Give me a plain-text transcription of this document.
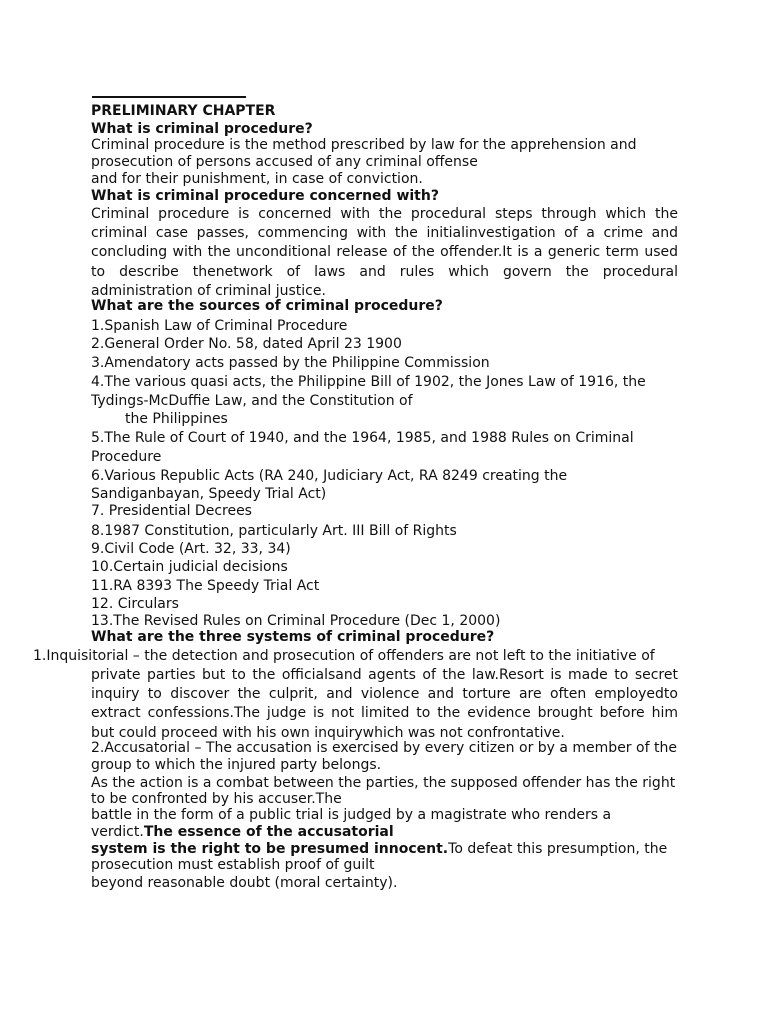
PRELIMINARY CHAPTER

What is criminal procedure?

Criminal procedure is the method prescribed by law for the apprehension and

prosecution of persons accused of any criminal offense

and for their punishment, in case of conviction.

What is criminal procedure concerned with?

Criminal procedure is concerned with the procedural steps through which the criminal case passes, commencing with the initialinvestigation of a crime and concluding with the unconditional release of the offender.It is a generic term used to describe thenetwork of laws and rules which govern the procedural administration of criminal justice.

What are the sources of criminal procedure?

1.Spanish Law of Criminal Procedure

2.General Order No. 58, dated April 23 1900

3.Amendatory acts passed by the Philippine Commission

4.The various quasi acts, the Philippine Bill of 1902, the Jones Law of 1916, the

Tydings-McDuffie Law, and the Constitution of

the Philippines

5.The Rule of Court of 1940, and the 1964, 1985, and 1988 Rules on Criminal

Procedure

6.Various Republic Acts (RA 240, Judiciary Act, RA 8249 creating the

Sandiganbayan, Speedy Trial Act)

7. Presidential Decrees

8.1987 Constitution, particularly Art. III Bill of Rights

9.Civil Code (Art. 32, 33, 34)

10.Certain judicial decisions

11.RA 8393 The Speedy Trial Act

12. Circulars

13.The Revised Rules on Criminal Procedure (Dec 1, 2000)

What are the three systems of criminal procedure?

1.Inquisitorial – the detection and prosecution of offenders are not left to the initiative of

private parties but to the officialsand agents of the law.Resort is made to secret inquiry to discover the culprit, and violence and torture are often employedto extract confessions.The judge is not limited to the evidence brought before him but could proceed with his own inquirywhich was not confrontative.

2.Accusatorial – The accusation is exercised by every citizen or by a member of the

group to which the injured party belongs.

As the action is a combat between the parties, the supposed offender has the right

to be confronted by his accuser.The

battle in the form of a public trial is judged by a magistrate who renders a

verdict.The essence of the accusatorial

system is the right to be presumed innocent.To defeat this presumption, the

prosecution must establish proof of guilt

beyond reasonable doubt (moral certainty).
